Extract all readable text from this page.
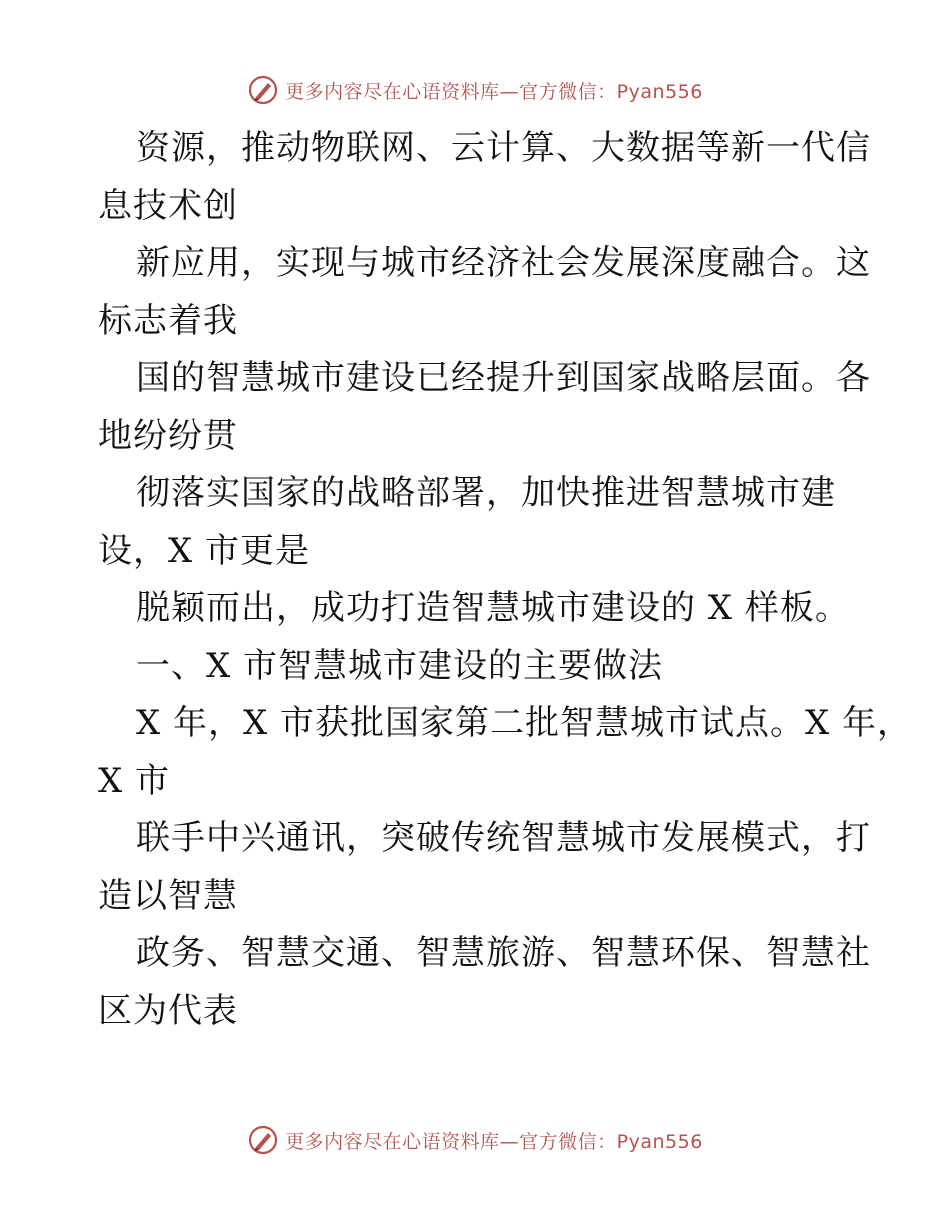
更多内容尽在心语资料库—官方微信：Pyan556
资源，推动物联网、云计算、大数据等新一代信
息技术创
新应用，实现与城市经济社会发展深度融合。这
标志着我
国的智慧城市建设已经提升到国家战略层面。各
地纷纷贯
彻落实国家的战略部署，加快推进智慧城市建
设，X 市更是
脱颖而出，成功打造智慧城市建设的 X 样板。
一、X 市智慧城市建设的主要做法
X 年，X 市获批国家第二批智慧城市试点。X 年，
X 市
联手中兴通讯，突破传统智慧城市发展模式，打
造以智慧
政务、智慧交通、智慧旅游、智慧环保、智慧社
区为代表
更多内容尽在心语资料库—官方微信：Pyan556
